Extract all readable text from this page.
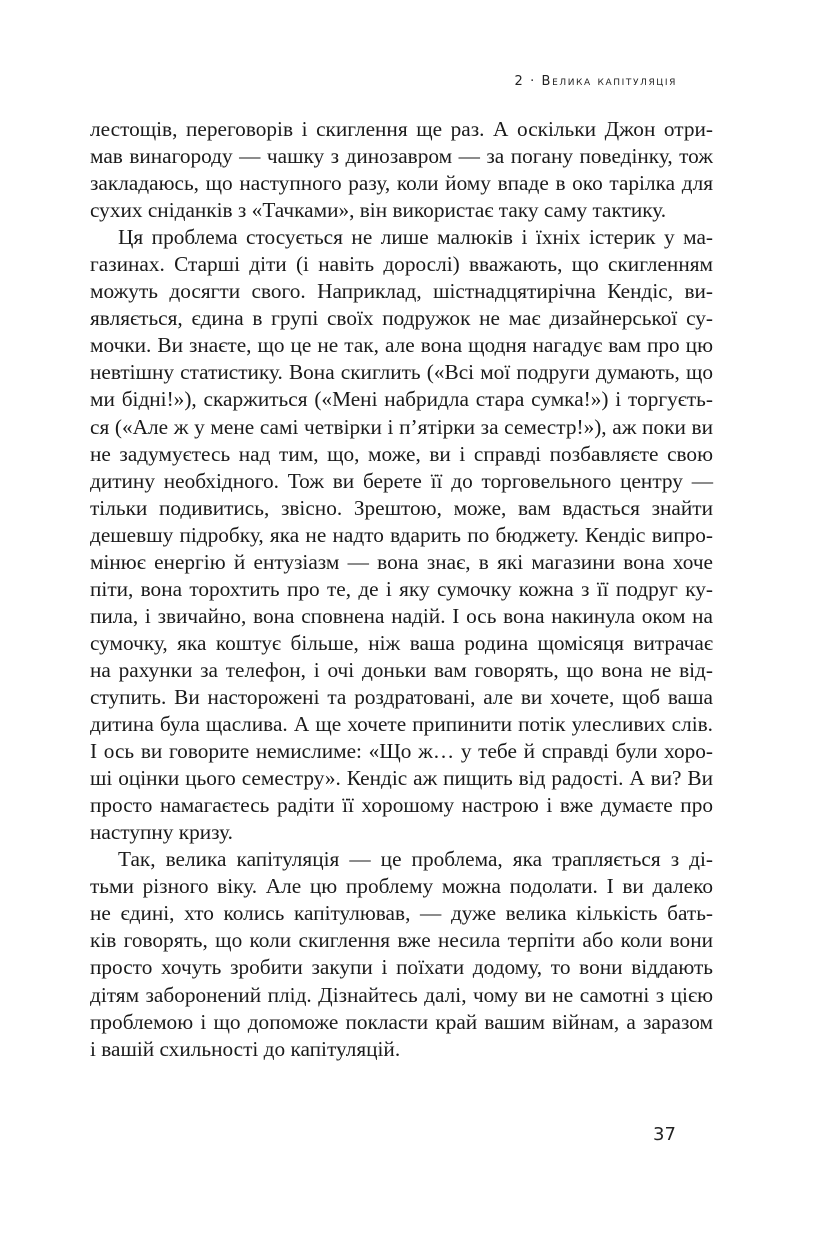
2 · Велика капітуляція
лестощів, переговорів і скиглення ще раз. А оскільки Джон отри-
мав винагороду — чашку з динозавром — за погану поведінку, тож
закладаюсь, що наступного разу, коли йому впаде в око тарілка для
сухих сніданків з «Тачками», він використає таку саму тактику.
Ця проблема стосується не лише малюків і їхніх істерик у ма-
газинах. Старші діти (і навіть дорослі) вважають, що скигленням
можуть досягти свого. Наприклад, шістнадцятирічна Кендіс, ви-
являється, єдина в групі своїх подружок не має дизайнерської су-
мочки. Ви знаєте, що це не так, але вона щодня нагадує вам про цю
невтішну статистику. Вона скиглить («Всі мої подруги думають, що
ми бідні!»), скаржиться («Мені набридла стара сумка!») і торгуєть-
ся («Але ж у мене самі четвірки і п’ятірки за семестр!»), аж поки ви
не задумуєтесь над тим, що, може, ви і справді позбавляєте свою
дитину необхідного. Тож ви берете її до торговельного центру —
тільки подивитись, звісно. Зрештою, може, вам вдасться знайти
дешевшу підробку, яка не надто вдарить по бюджету. Кендіс випро-
мінює енергію й ентузіазм — вона знає, в які магазини вона хоче
піти, вона торохтить про те, де і яку сумочку кожна з її подруг ку-
пила, і звичайно, вона сповнена надій. І ось вона накинула оком на
сумочку, яка коштує більше, ніж ваша родина щомісяця витрачає
на рахунки за телефон, і очі доньки вам говорять, що вона не від-
ступить. Ви насторожені та роздратовані, але ви хочете, щоб ваша
дитина була щаслива. А ще хочете припинити потік улесливих слів.
І ось ви говорите немислиме: «Що ж… у тебе й справді були хоро-
ші оцінки цього семестру». Кендіс аж пищить від радості. А ви? Ви
просто намагаєтесь радіти її хорошому настрою і вже думаєте про
наступну кризу.
Так, велика капітуляція — це проблема, яка трапляється з ді-
тьми різного віку. Але цю проблему можна подолати. І ви далеко
не єдині, хто колись капітулював, — дуже велика кількість бать-
ків говорять, що коли скиглення вже несила терпіти або коли вони
просто хочуть зробити закупи і поїхати додому, то вони віддають
дітям заборонений плід. Дізнайтесь далі, чому ви не самотні з цією
проблемою і що допоможе покласти край вашим війнам, а заразом
і вашій схильності до капітуляцій.
37
